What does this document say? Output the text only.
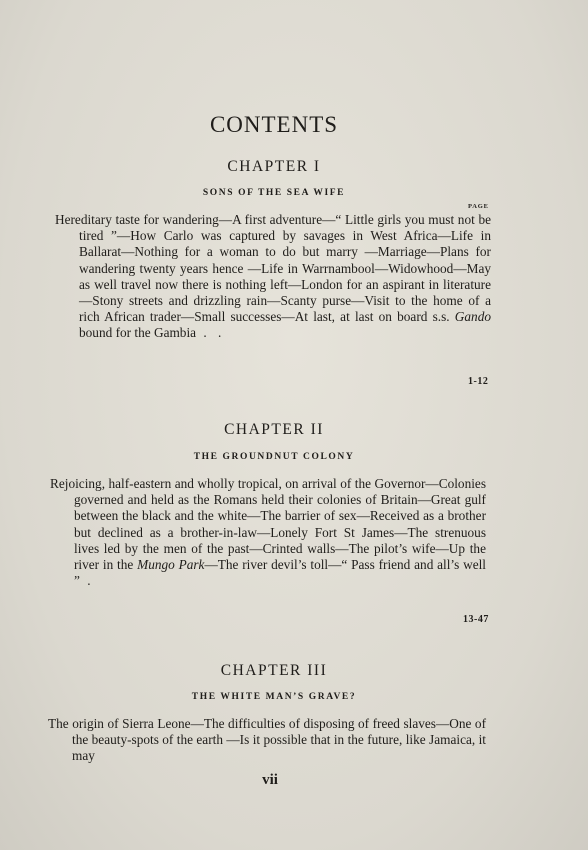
CONTENTS
CHAPTER I
SONS OF THE SEA WIFE
PAGE
Hereditary taste for wandering—A first adventure—“ Little girls you must not be tired ”—How Carlo was captured by savages in West Africa—Life in Ballarat—Nothing for a woman to do but marry —Marriage—Plans for wandering twenty years hence —Life in Warrnambool—Widowhood—May as well travel now there is nothing left—London for an aspirant in literature—Stony streets and drizzling rain—Scanty purse—Visit to the home of a rich African trader—Small successes—At last, at last on board s.s. Gando bound for the Gambia . .
1-12
CHAPTER II
THE GROUNDNUT COLONY
Rejoicing, half-eastern and wholly tropical, on arrival of the Governor—Colonies governed and held as the Romans held their colonies of Britain—Great gulf between the black and the white—The barrier of sex—Received as a brother but declined as a brother-in-law—Lonely Fort St James—The strenuous lives led by the men of the past—Crinted walls—The pilot’s wife—Up the river in the Mungo Park—The river devil’s toll—“ Pass friend and all’s well ” .
13-47
CHAPTER III
THE WHITE MAN’S GRAVE?
The origin of Sierra Leone—The difficulties of disposing of freed slaves—One of the beauty-spots of the earth —Is it possible that in the future, like Jamaica, it may
vii
